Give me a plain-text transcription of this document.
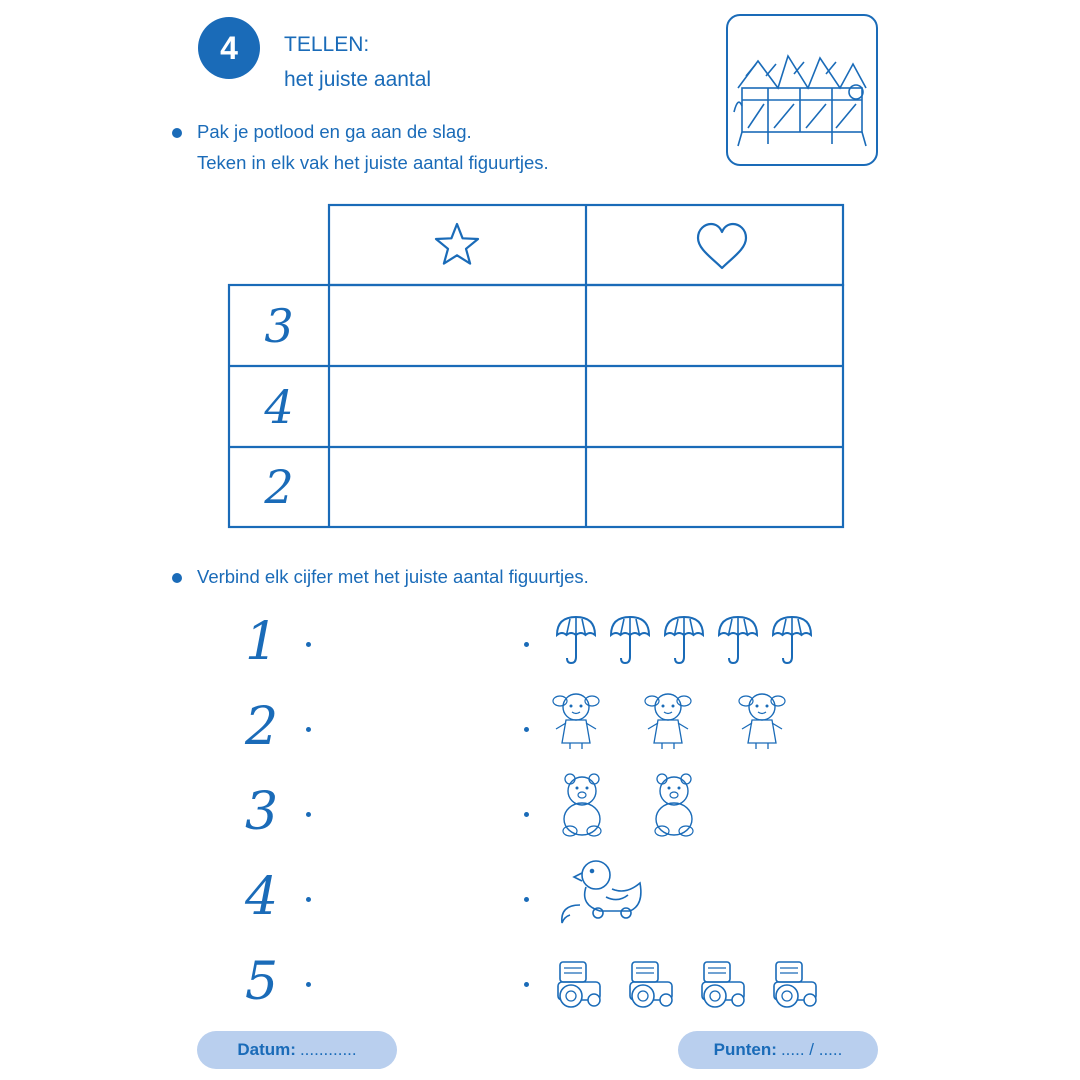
4	TELLEN:
het juiste aantal
Pak je potlood en ga aan de slag.
Teken in elk vak het juiste aantal figuurtjes.
3
4
2
Verbind elk cijfer met het juiste aantal figuurtjes.
1
2
3
4
5
Datum: ............	Punten: ..... / .....
